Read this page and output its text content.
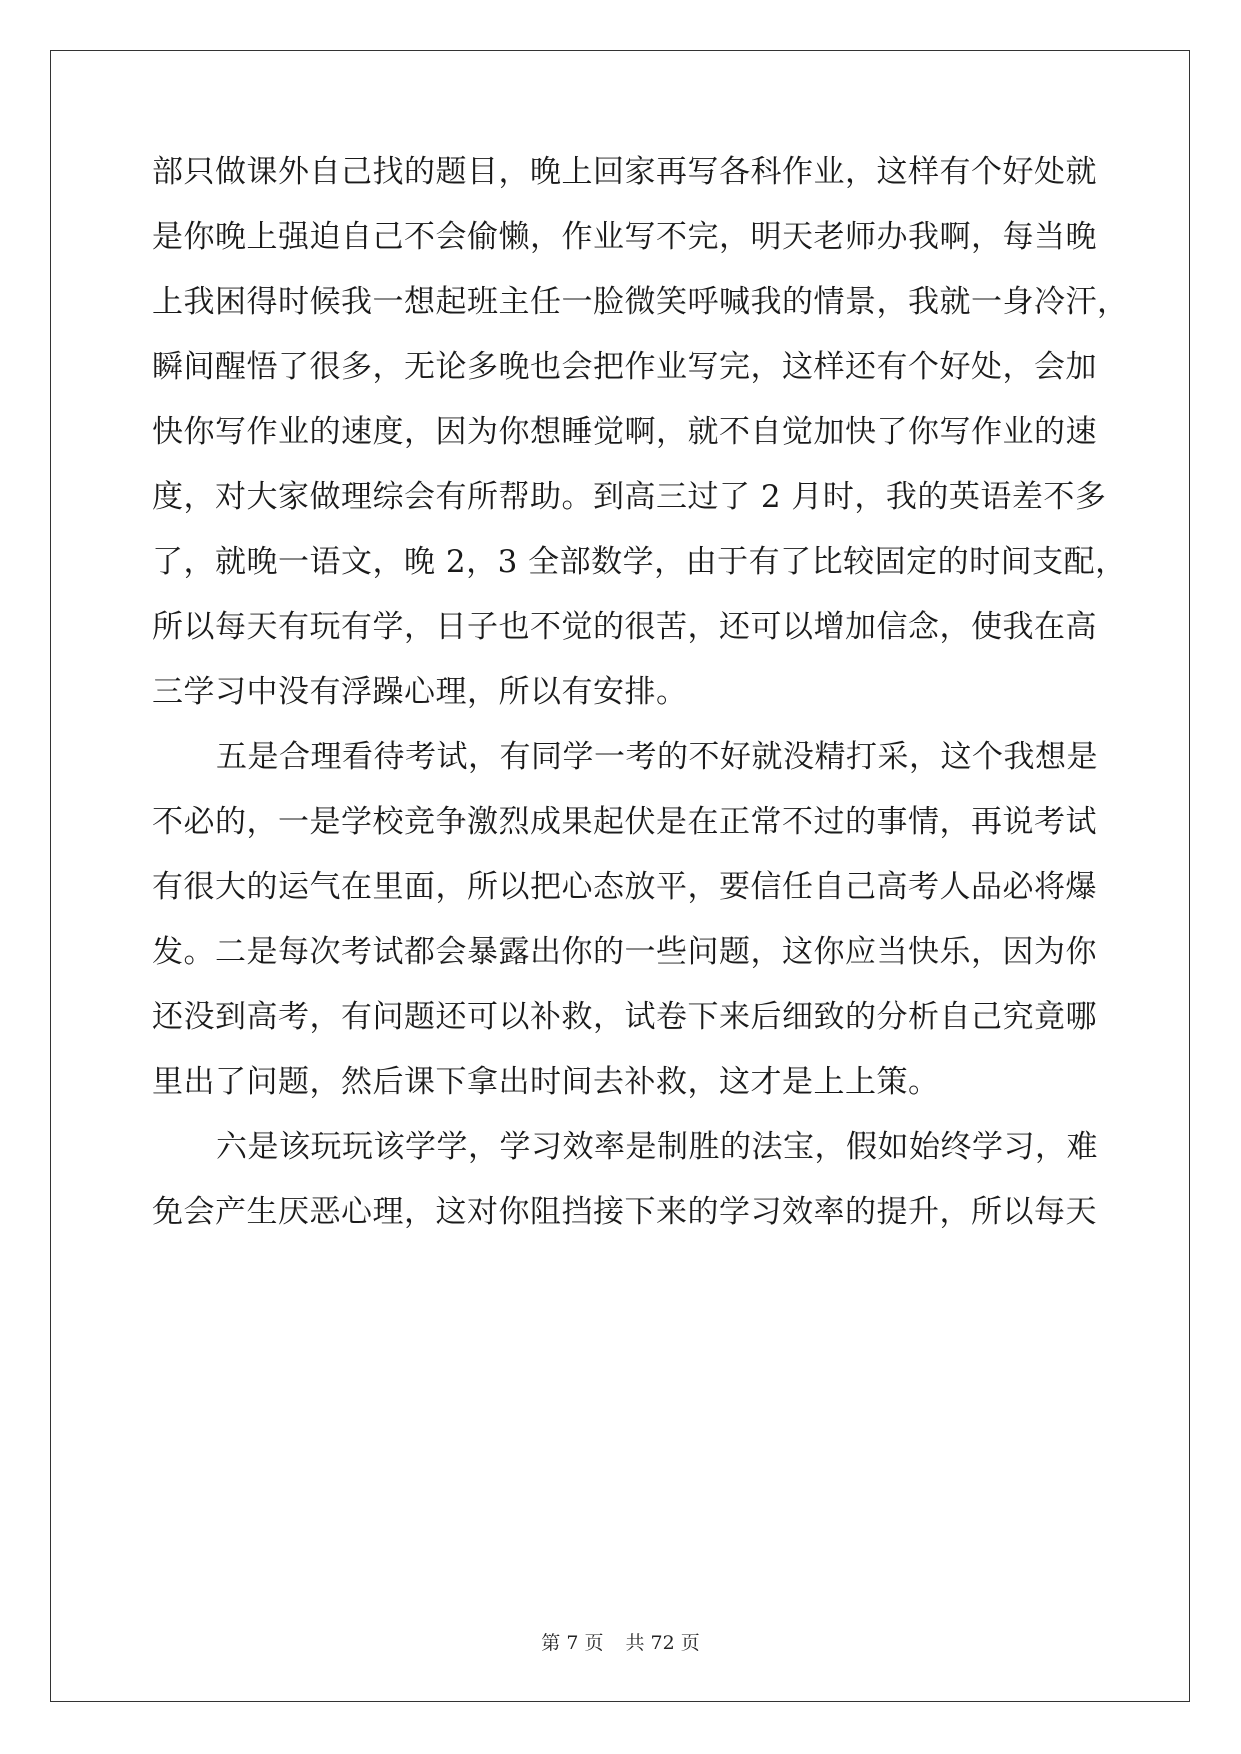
部只做课外自己找的题目，晚上回家再写各科作业，这样有个好处就
是你晚上强迫自己不会偷懒，作业写不完，明天老师办我啊，每当晚
上我困得时候我一想起班主任一脸微笑呼喊我的情景，我就一身冷汗，
瞬间醒悟了很多，无论多晚也会把作业写完，这样还有个好处，会加
快你写作业的速度，因为你想睡觉啊，就不自觉加快了你写作业的速
度，对大家做理综会有所帮助。到高三过了 2 月时，我的英语差不多
了，就晚一语文，晚 2，3 全部数学，由于有了比较固定的时间支配，
所以每天有玩有学，日子也不觉的很苦，还可以增加信念，使我在高
三学习中没有浮躁心理，所以有安排。
五是合理看待考试，有同学一考的不好就没精打采，这个我想是
不必的，一是学校竞争激烈成果起伏是在正常不过的事情，再说考试
有很大的运气在里面，所以把心态放平，要信任自己高考人品必将爆
发。二是每次考试都会暴露出你的一些问题，这你应当快乐，因为你
还没到高考，有问题还可以补救，试卷下来后细致的分析自己究竟哪
里出了问题，然后课下拿出时间去补救，这才是上上策。
六是该玩玩该学学，学习效率是制胜的法宝，假如始终学习，难
免会产生厌恶心理，这对你阻挡接下来的学习效率的提升，所以每天
第 7 页 共 72 页
